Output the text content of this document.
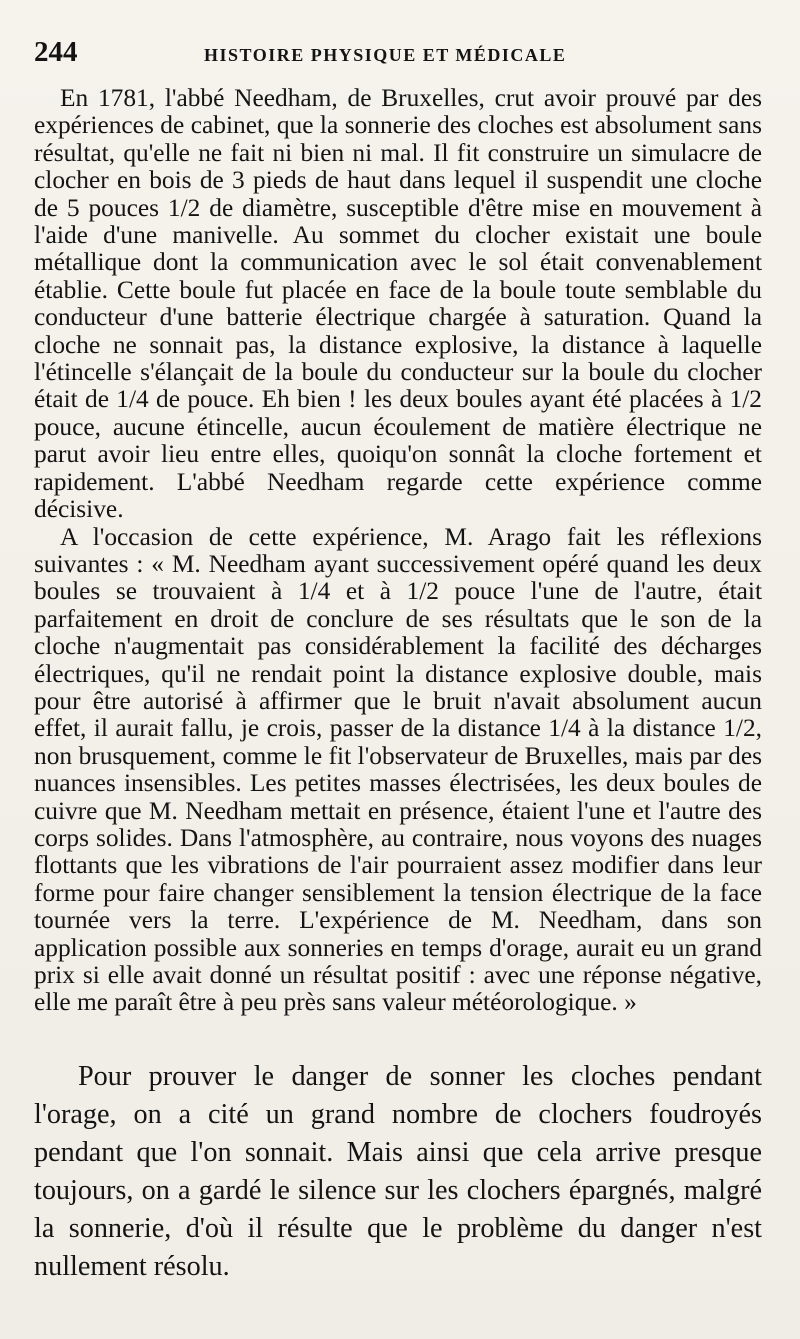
244	HISTOIRE PHYSIQUE ET MÉDICALE

En 1781, l'abbé Needham, de Bruxelles, crut avoir prouvé par des expériences de cabinet, que la sonnerie des cloches est absolument sans résultat, qu'elle ne fait ni bien ni mal. Il fit construire un simulacre de clocher en bois de 3 pieds de haut dans lequel il suspendit une cloche de 5 pouces 1/2 de diamètre, susceptible d'être mise en mouvement à l'aide d'une manivelle. Au sommet du clocher existait une boule métallique dont la communication avec le sol était convenablement établie. Cette boule fut placée en face de la boule toute semblable du conducteur d'une batterie électrique chargée à saturation. Quand la cloche ne sonnait pas, la distance explosive, la distance à laquelle l'étincelle s'élançait de la boule du conducteur sur la boule du clocher était de 1/4 de pouce. Eh bien ! les deux boules ayant été placées à 1/2 pouce, aucune étincelle, aucun écoulement de matière électrique ne parut avoir lieu entre elles, quoiqu'on sonnât la cloche fortement et rapidement. L'abbé Needham regarde cette expérience comme décisive.

A l'occasion de cette expérience, M. Arago fait les réflexions suivantes : « M. Needham ayant successivement opéré quand les deux boules se trouvaient à 1/4 et à 1/2 pouce l'une de l'autre, était parfaitement en droit de conclure de ses résultats que le son de la cloche n'augmentait pas considérablement la facilité des décharges électriques, qu'il ne rendait point la distance explosive double, mais pour être autorisé à affirmer que le bruit n'avait absolument aucun effet, il aurait fallu, je crois, passer de la distance 1/4 à la distance 1/2, non brusquement, comme le fit l'observateur de Bruxelles, mais par des nuances insensibles. Les petites masses électrisées, les deux boules de cuivre que M. Needham mettait en présence, étaient l'une et l'autre des corps solides. Dans l'atmosphère, au contraire, nous voyons des nuages flottants que les vibrations de l'air pourraient assez modifier dans leur forme pour faire changer sensiblement la tension électrique de la face tournée vers la terre. L'expérience de M. Needham, dans son application possible aux sonneries en temps d'orage, aurait eu un grand prix si elle avait donné un résultat positif : avec une réponse négative, elle me paraît être à peu près sans valeur météorologique. »

Pour prouver le danger de sonner les cloches pendant l'orage, on a cité un grand nombre de clochers foudroyés pendant que l'on sonnait. Mais ainsi que cela arrive presque toujours, on a gardé le silence sur les clochers épargnés, malgré la sonnerie, d'où il résulte que le problème du danger n'est nullement résolu.
